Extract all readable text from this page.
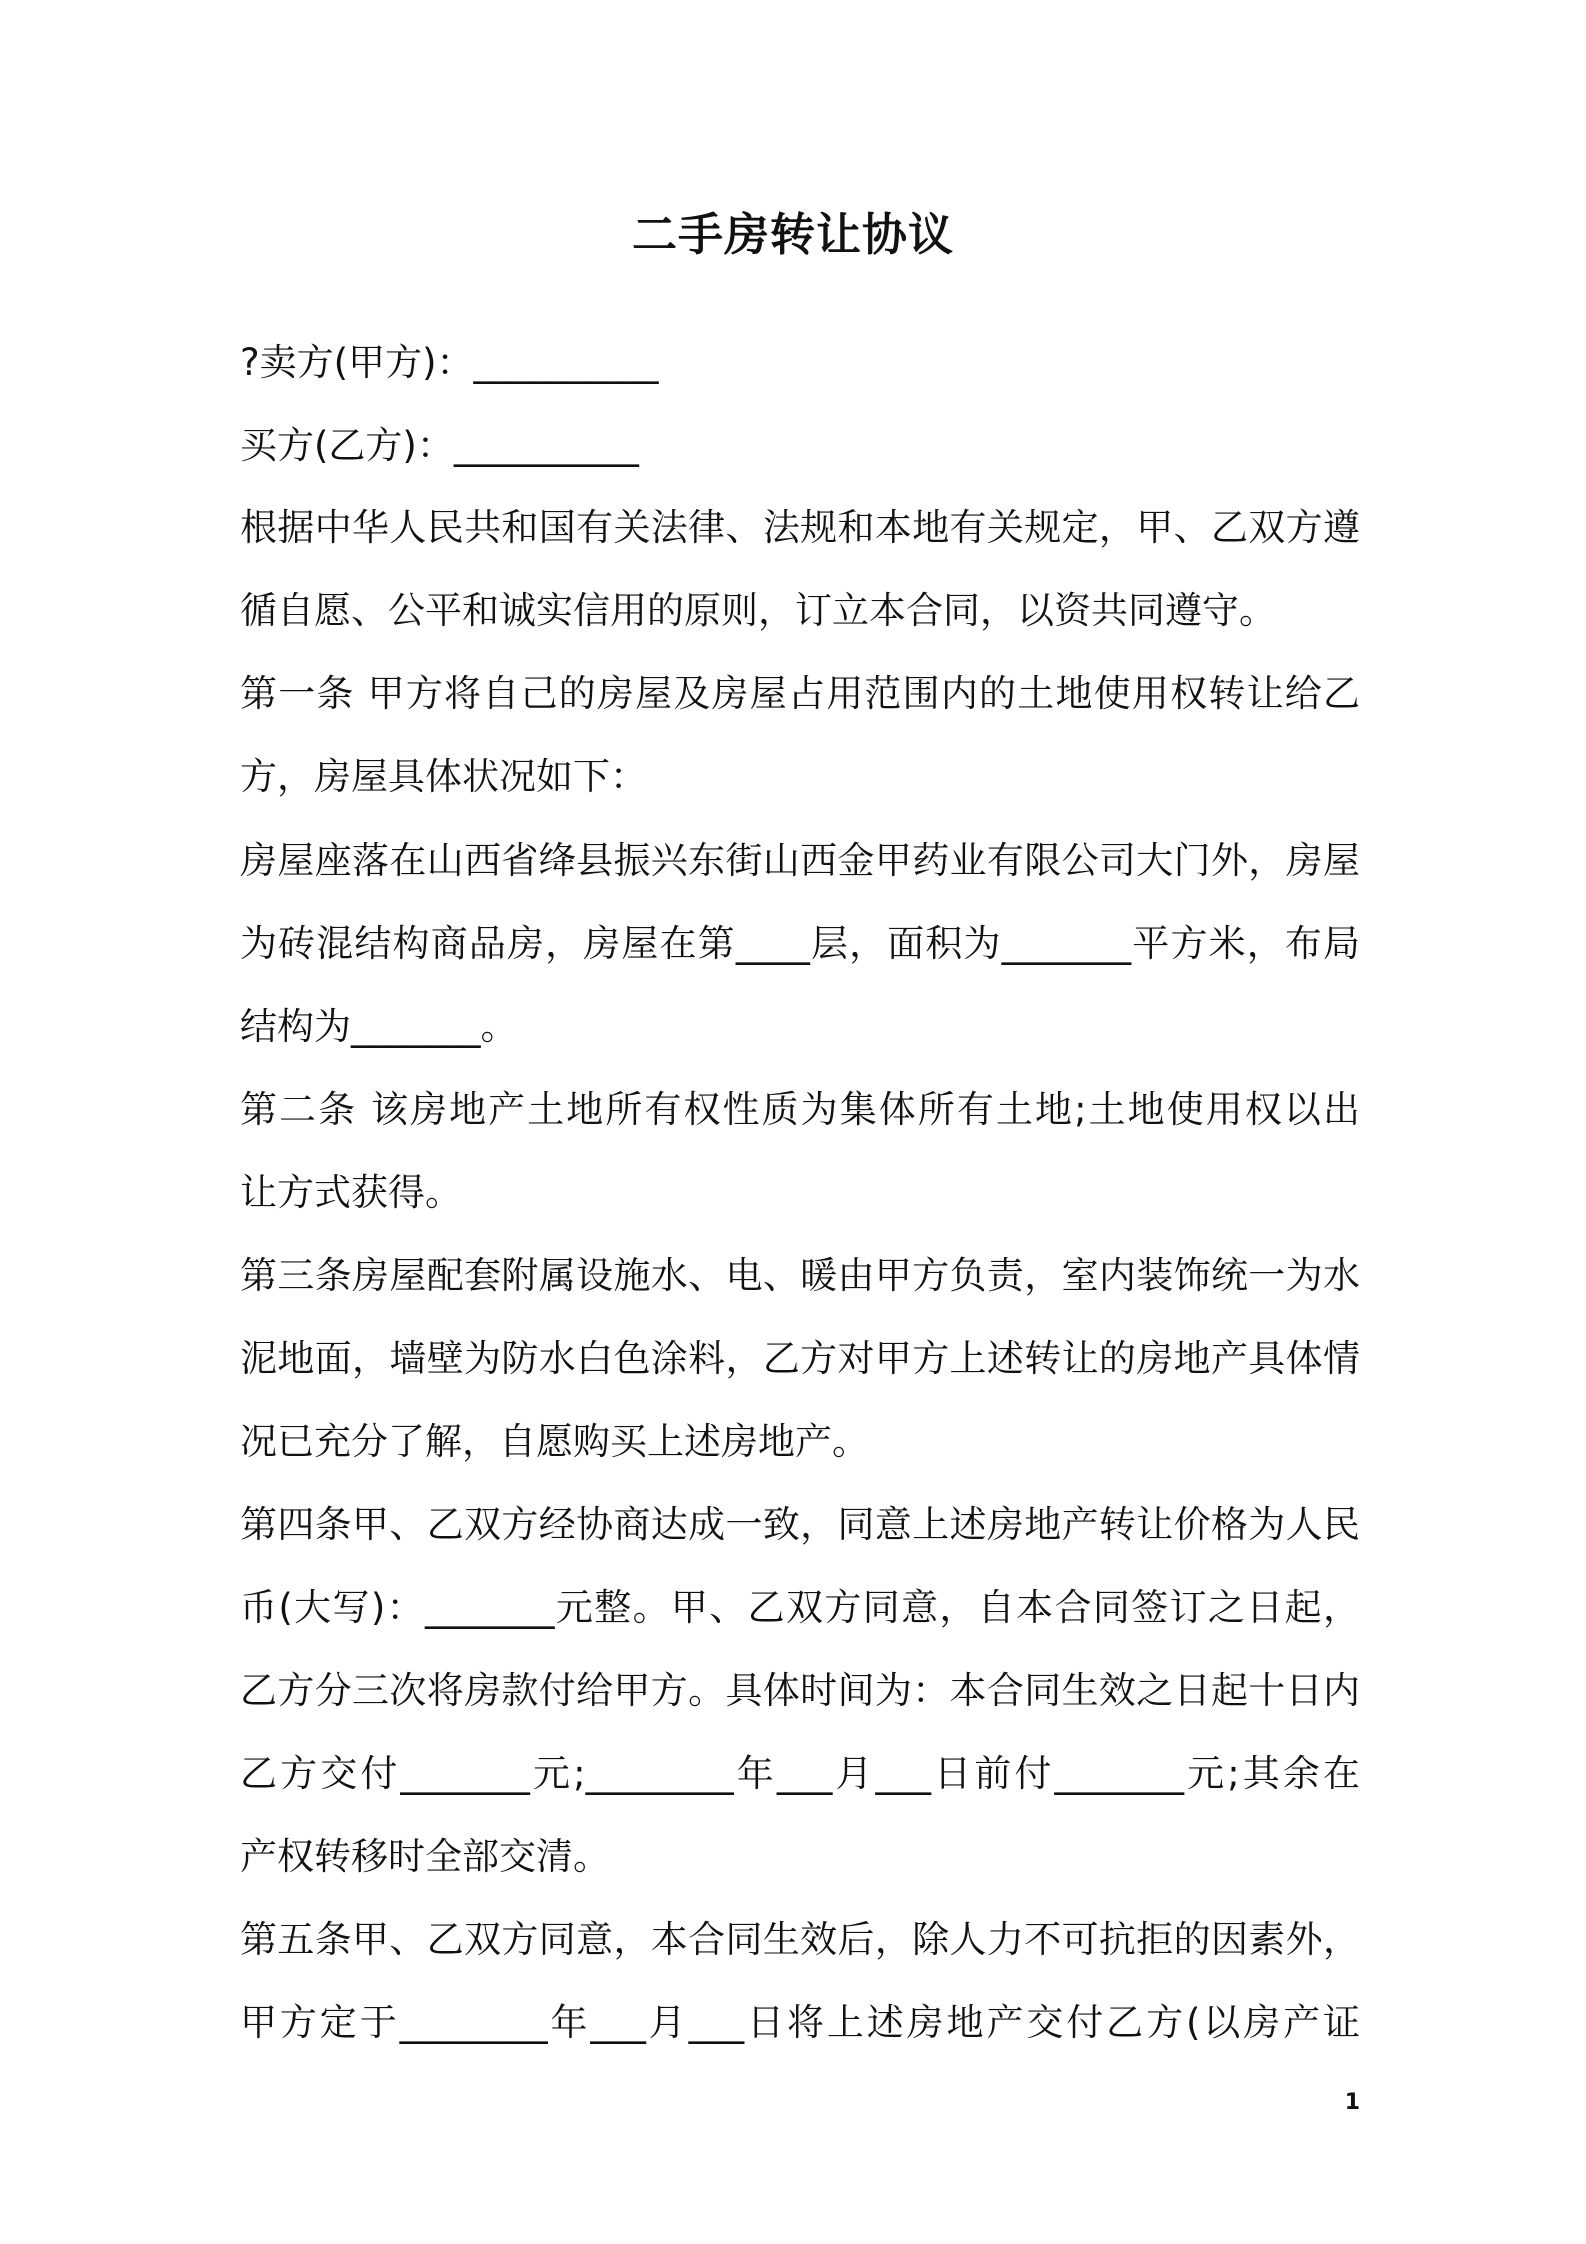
二手房转让协议
?卖方(甲方)：__________
买方(乙方)：__________
根据中华人民共和国有关法律、法规和本地有关规定，甲、乙双方遵
循自愿、公平和诚实信用的原则，订立本合同，以资共同遵守。
第一条 甲方将自己的房屋及房屋占用范围内的土地使用权转让给乙
方，房屋具体状况如下：
房屋座落在山西省绛县振兴东街山西金甲药业有限公司大门外，房屋
为砖混结构商品房，房屋在第____层，面积为_______平方米，布局
结构为_______。
第二条 该房地产土地所有权性质为集体所有土地;土地使用权以出
让方式获得。
第三条房屋配套附属设施水、电、暖由甲方负责，室内装饰统一为水
泥地面，墙壁为防水白色涂料，乙方对甲方上述转让的房地产具体情
况已充分了解，自愿购买上述房地产。
第四条甲、乙双方经协商达成一致，同意上述房地产转让价格为人民
币(大写)：_______元整。甲、乙双方同意，自本合同签订之日起，
乙方分三次将房款付给甲方。具体时间为：本合同生效之日起十日内
乙方交付_______元;________年___月___日前付_______元;其余在
产权转移时全部交清。
第五条甲、乙双方同意，本合同生效后，除人力不可抗拒的因素外，
甲方定于________年___月___日将上述房地产交付乙方(以房产证
1
